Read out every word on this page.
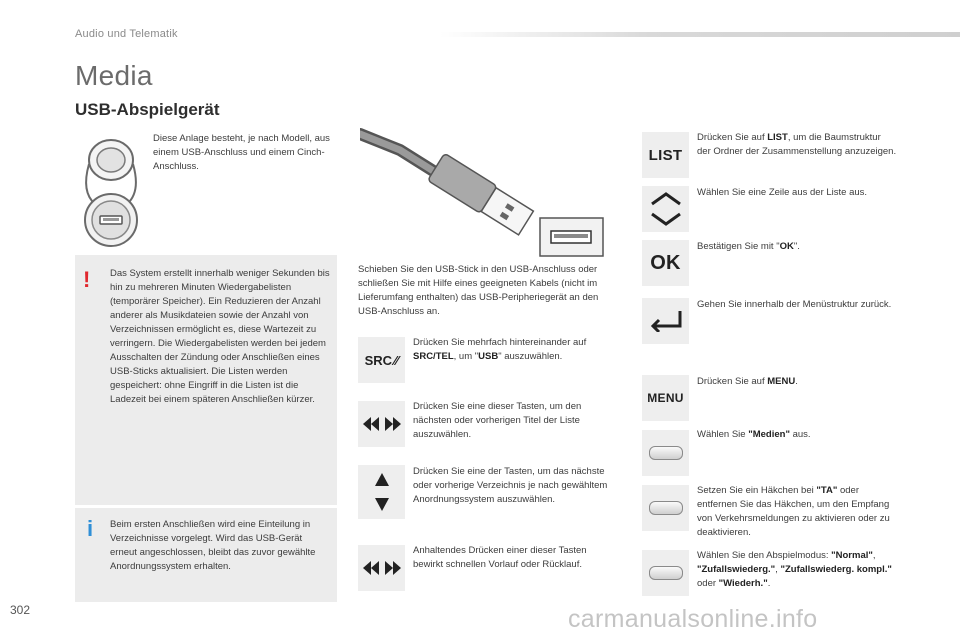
Audio und Telematik
Media
USB-Abspielgerät
Diese Anlage besteht, je nach Modell, aus einem USB-Anschluss und einem Cinch-Anschluss.
! Das System erstellt innerhalb weniger Sekunden bis hin zu mehreren Minuten Wiedergabelisten (temporärer Speicher). Ein Reduzieren der Anzahl anderer als Musikdateien sowie der Anzahl von Verzeichnissen ermöglicht es, diese Wartezeit zu verringern. Die Wiedergabelisten werden bei jedem Ausschalten der Zündung oder Anschließen eines USB-Sticks aktualisiert. Die Listen werden gespeichert: ohne Eingriff in die Listen ist die Ladezeit bei einem späteren Anschließen kürzer.
i Beim ersten Anschließen wird eine Einteilung in Verzeichnisse vorgelegt. Wird das USB-Gerät erneut angeschlossen, bleibt das zuvor gewählte Anordnungssystem erhalten.
Schieben Sie den USB-Stick in den USB-Anschluss oder schließen Sie mit Hilfe eines geeigneten Kabels (nicht im Lieferumfang enthalten) das USB-Peripheriegerät an den USB-Anschluss an.
SRC ⁄⁄
Drücken Sie mehrfach hintereinander auf SRC/TEL, um "USB" auszuwählen.
Drücken Sie eine dieser Tasten, um den nächsten oder vorherigen Titel der Liste auszuwählen.
Drücken Sie eine der Tasten, um das nächste oder vorherige Verzeichnis je nach gewähltem Anordnungssystem auszuwählen.
Anhaltendes Drücken einer dieser Tasten bewirkt schnellen Vorlauf oder Rücklauf.
LIST
Drücken Sie auf LIST, um die Baumstruktur der Ordner der Zusammenstellung anzuzeigen.
Wählen Sie eine Zeile aus der Liste aus.
OK
Bestätigen Sie mit "OK".
Gehen Sie innerhalb der Menüstruktur zurück.
MENU
Drücken Sie auf MENU.
Wählen Sie "Medien" aus.
Setzen Sie ein Häkchen bei "TA" oder entfernen Sie das Häkchen, um den Empfang von Verkehrsmeldungen zu aktivieren oder zu deaktivieren.
Wählen Sie den Abspielmodus: "Normal", "Zufallswiederg.", "Zufallswiederg. kompl." oder "Wiederh.".
302	carmanualsonline.info
